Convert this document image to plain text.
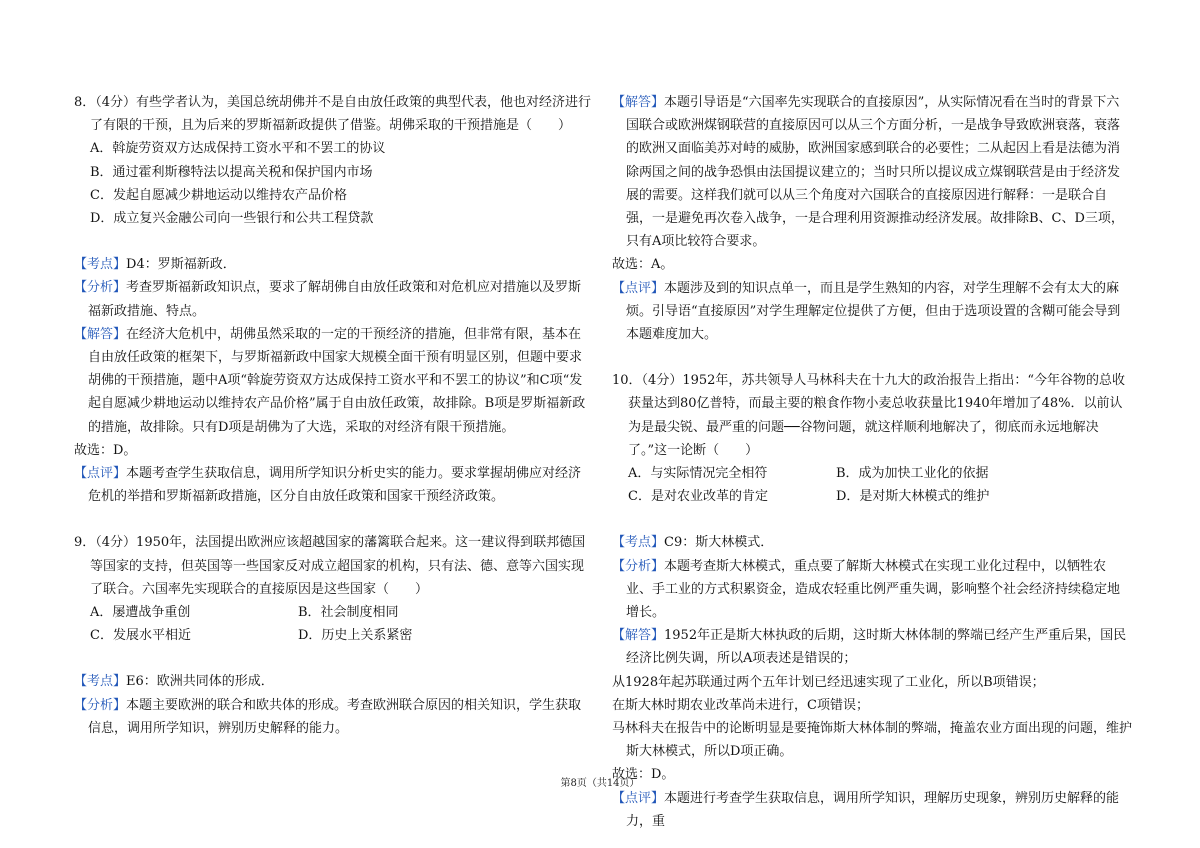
8．（4分）有些学者认为，美国总统胡佛并不是自由放任政策的典型代表，他也对经济进行了有限的干预，且为后来的罗斯福新政提供了借鉴。胡佛采取的干预措施是（　　）

A．斡旋劳资双方达成保持工资水平和不罢工的协议

B．通过霍利斯穆特法以提高关税和保护国内市场

C．发起自愿减少耕地运动以维持农产品价格

D．成立复兴金融公司向一些银行和公共工程贷款

【考点】D4：罗斯福新政．

【分析】考查罗斯福新政知识点，要求了解胡佛自由放任政策和对危机应对措施以及罗斯福新政措施、特点。

【解答】在经济大危机中，胡佛虽然采取的一定的干预经济的措施，但非常有限，基本在自由放任政策的框架下，与罗斯福新政中国家大规模全面干预有明显区别，但题中要求胡佛的干预措施，题中A项“斡旋劳资双方达成保持工资水平和不罢工的协议”和C项“发起自愿减少耕地运动以维持农产品价格”属于自由放任政策，故排除。B项是罗斯福新政的措施，故排除。只有D项是胡佛为了大选，采取的对经济有限干预措施。

故选：D。

【点评】本题考查学生获取信息，调用所学知识分析史实的能力。要求掌握胡佛应对经济危机的举措和罗斯福新政措施，区分自由放任政策和国家干预经济政策。

9．（4分）1950年，法国提出欧洲应该超越国家的藩篱联合起来。这一建议得到联邦德国等国家的支持，但英国等一些国家反对成立超国家的机构，只有法、德、意等六国实现了联合。六国率先实现联合的直接原因是这些国家（　　）

A．屡遭战争重创	B．社会制度相同
C．发展水平相近	D．历史上关系紧密

【考点】E6：欧洲共同体的形成．

【分析】本题主要欧洲的联合和欧共体的形成。考查欧洲联合原因的相关知识，学生获取信息，调用所学知识，辨别历史解释的能力。

【解答】本题引导语是“六国率先实现联合的直接原因”，从实际情况看在当时的背景下六国联合或欧洲煤钢联营的直接原因可以从三个方面分析，一是战争导致欧洲衰落，衰落的欧洲又面临美苏对峙的威胁，欧洲国家感到联合的必要性；二从起因上看是法德为消除两国之间的战争恐惧由法国提议建立的；当时只所以提议成立煤钢联营是由于经济发展的需要。这样我们就可以从三个角度对六国联合的直接原因进行解释：一是联合自强，一是避免再次卷入战争，一是合理利用资源推动经济发展。故排除B、C、D三项，只有A项比较符合要求。

故选：A。

【点评】本题涉及到的知识点单一，而且是学生熟知的内容，对学生理解不会有太大的麻烦。引导语“直接原因”对学生理解定位提供了方便，但由于选项设置的含糊可能会导到本题难度加大。

10．（4分）1952年，苏共领导人马林科夫在十九大的政治报告上指出：“今年谷物的总收获量达到80亿普特，而最主要的粮食作物小麦总收获量比1940年增加了48%．以前认为是最尖锐、最严重的问题──谷物问题，就这样顺利地解决了，彻底而永远地解决了。”这一论断（　　）

A．与实际情况完全相符	B．成为加快工业化的依据
C．是对农业改革的肯定	D．是对斯大林模式的维护

【考点】C9：斯大林模式．

【分析】本题考查斯大林模式，重点要了解斯大林模式在实现工业化过程中，以牺牲农业、手工业的方式积累资金，造成农轻重比例严重失调，影响整个社会经济持续稳定地增长。

【解答】1952年正是斯大林执政的后期，这时斯大林体制的弊端已经产生严重后果，国民经济比例失调，所以A项表述是错误的；

从1928年起苏联通过两个五年计划已经迅速实现了工业化，所以B项错误；

在斯大林时期农业改革尚未进行，C项错误；

马林科夫在报告中的论断明显是要掩饰斯大林体制的弊端，掩盖农业方面出现的问题，维护斯大林模式，所以D项正确。

故选：D。

【点评】本题进行考查学生获取信息，调用所学知识，理解历史现象，辨别历史解释的能力，重

第8页（共14页）
